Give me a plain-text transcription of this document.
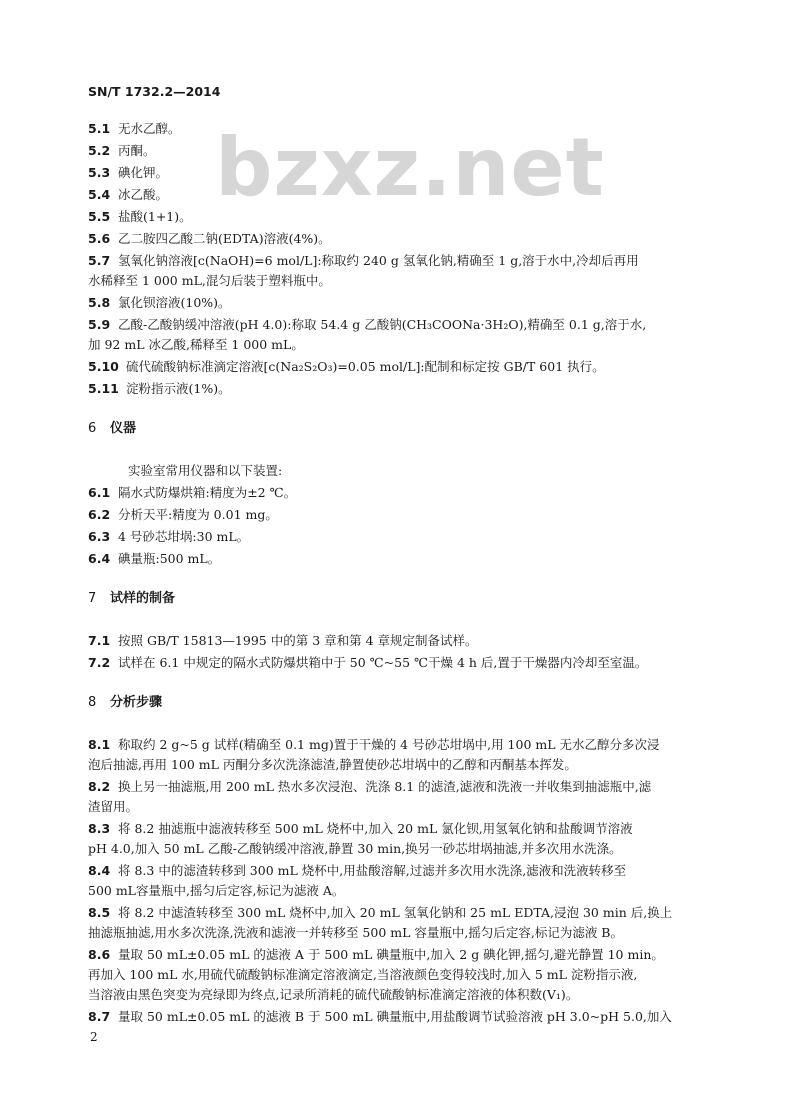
bzxz.net
SN/T 1732.2—2014
5.1 无水乙醇。
5.2 丙酮。
5.3 碘化钾。
5.4 冰乙酸。
5.5 盐酸(1+1)。
5.6 乙二胺四乙酸二钠(EDTA)溶液(4%)。
5.7 氢氧化钠溶液[c(NaOH)=6 mol/L]:称取约 240 g 氢氧化钠,精确至 1 g,溶于水中,冷却后再用
水稀释至 1 000 mL,混匀后装于塑料瓶中。
5.8 氯化钡溶液(10%)。
5.9 乙酸-乙酸钠缓冲溶液(pH 4.0):称取 54.4 g 乙酸钠(CH₃COONa·3H₂O),精确至 0.1 g,溶于水,
加 92 mL 冰乙酸,稀释至 1 000 mL。
5.10 硫代硫酸钠标准滴定溶液[c(Na₂S₂O₃)=0.05 mol/L]:配制和标定按 GB/T 601 执行。
5.11 淀粉指示液(1%)。
实验室常用仪器和以下装置:
6.1 隔水式防爆烘箱:精度为±2 ℃。
6.2 分析天平:精度为 0.01 mg。
6.3 4 号砂芯坩埚:30 mL。
6.4 碘量瓶:500 mL。
7.1 按照 GB/T 15813—1995 中的第 3 章和第 4 章规定制备试样。
7.2 试样在 6.1 中规定的隔水式防爆烘箱中于 50 ℃~55 ℃干燥 4 h 后,置于干燥器内冷却至室温。
8.1 称取约 2 g~5 g 试样(精确至 0.1 mg)置于干燥的 4 号砂芯坩埚中,用 100 mL 无水乙醇分多次浸
泡后抽滤,再用 100 mL 丙酮分多次洗涤滤渣,静置使砂芯坩埚中的乙醇和丙酮基本挥发。
8.2 换上另一抽滤瓶,用 200 mL 热水多次浸泡、洗涤 8.1 的滤渣,滤液和洗液一并收集到抽滤瓶中,滤
渣留用。
8.3 将 8.2 抽滤瓶中滤液转移至 500 mL 烧杯中,加入 20 mL 氯化钡,用氢氧化钠和盐酸调节溶液
pH 4.0,加入 50 mL 乙酸-乙酸钠缓冲溶液,静置 30 min,换另一砂芯坩埚抽滤,并多次用水洗涤。
8.4 将 8.3 中的滤渣转移到 300 mL 烧杯中,用盐酸溶解,过滤并多次用水洗涤,滤液和洗液转移至
500 mL容量瓶中,摇匀后定容,标记为滤液 A。
8.5 将 8.2 中滤渣转移至 300 mL 烧杯中,加入 20 mL 氢氧化钠和 25 mL EDTA,浸泡 30 min 后,换上
抽滤瓶抽滤,用水多次洗涤,洗液和滤液一并转移至 500 mL 容量瓶中,摇匀后定容,标记为滤液 B。
8.6 量取 50 mL±0.05 mL 的滤液 A 于 500 mL 碘量瓶中,加入 2 g 碘化钾,摇匀,避光静置 10 min。
再加入 100 mL 水,用硫代硫酸钠标准滴定溶液滴定,当溶液颜色变得较浅时,加入 5 mL 淀粉指示液,
当溶液由黑色突变为亮绿即为终点,记录所消耗的硫代硫酸钠标准滴定溶液的体积数(V₁)。
8.7 量取 50 mL±0.05 mL 的滤液 B 于 500 mL 碘量瓶中,用盐酸调节试验溶液 pH 3.0~pH 5.0,加入
6 仪器
7 试样的制备
8 分析步骤
2
